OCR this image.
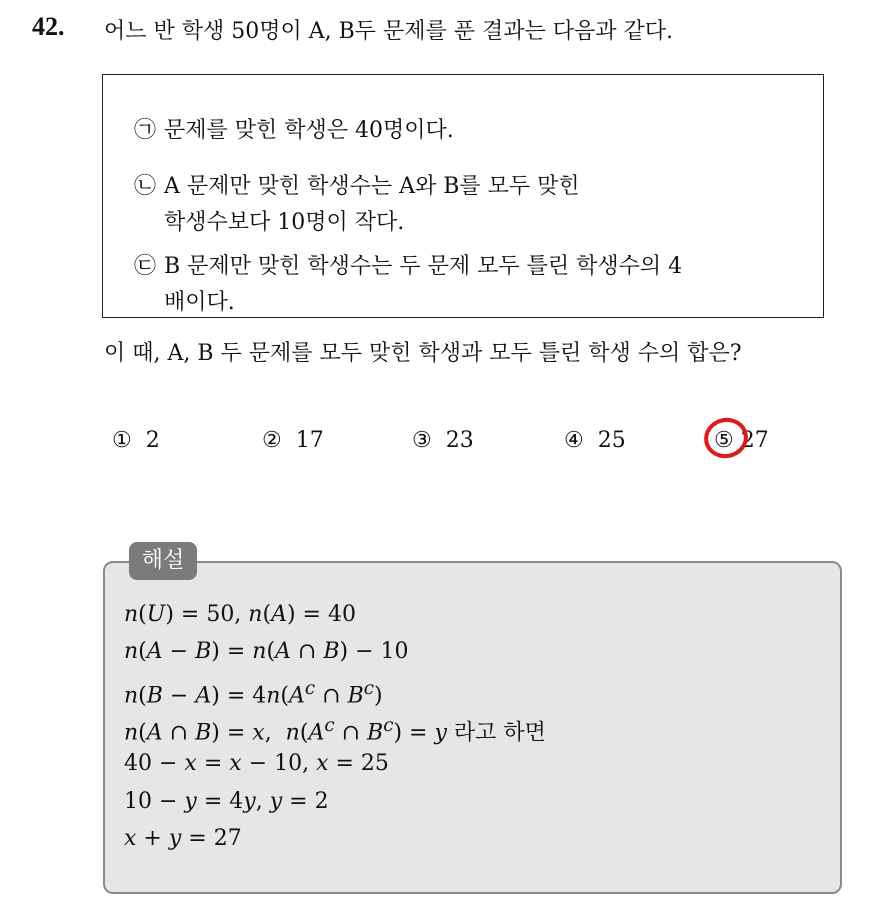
42. 어느 반 학생 50명이 A, B두 문제를 푼 결과는 다음과 같다.
㉠ 문제를 맞힌 학생은 40명이다.
㉡ A 문제만 맞힌 학생수는 A와 B를 모두 맞힌
학생수보다 10명이 작다.
㉢ B 문제만 맞힌 학생수는 두 문제 모두 틀린 학생수의 4
배이다.
이 때, A, B 두 문제를 모두 맞힌 학생과 모두 틀린 학생 수의 합은?
① 2	② 17	③ 23	④ 25	⑤ 27
해설
n(U) = 50, n(A) = 40
n(A − B) = n(A ∩ B) − 10
$n(B - A) = 4n(A^c$ ∩ $B^c$)
n(A ∩ B) = x,  $n(A^c$ ∩ $B^c) = y$ 라고 하면
40 − x = x − 10, x = 25
10 − y = 4y, y = 2
x + y = 27
